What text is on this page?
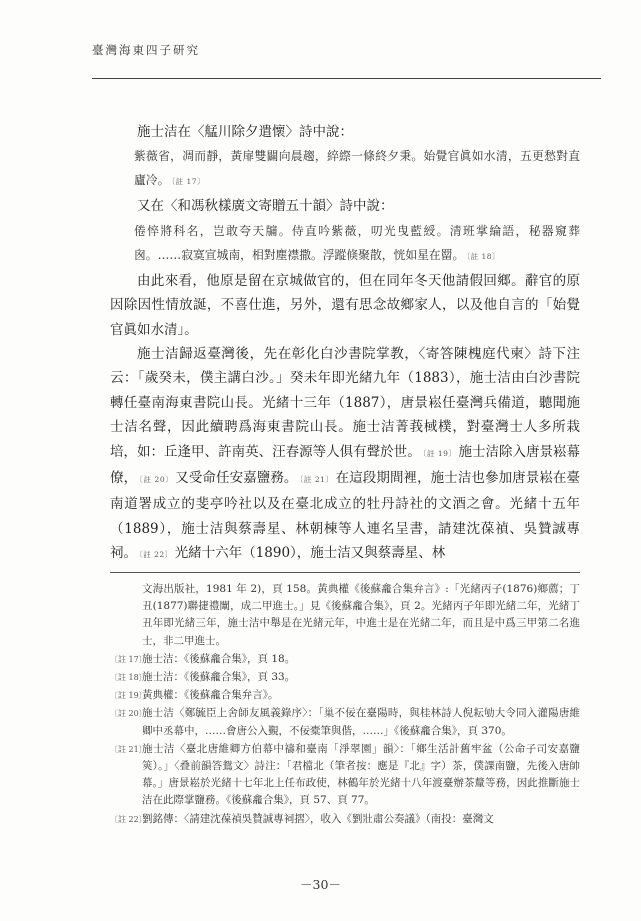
臺灣海東四子研究

施士洁在〈艋川除夕遣懷〉詩中說：

紫薇省，凋而靜，黃扉雙闢向晨趨，綷縩一條終夕秉。始覺官眞如水清，五更愁對直廬冷。 〔註 17〕

又在〈和馮秋樣廣文寄贈五十韻〉詩中說：

倦悴將科名，岂敢夸天牖。侍直吟紫薇，叨光曳藍綬。清班掌綸語，秘器窺葬囪。……寂寞宣城南，相對塵襟撒。浮蹤倏聚散，恍如星在罶。 〔註 18〕

由此來看，他原是留在京城做官的，但在同年冬天他請假回鄉。辭官的原因除因性情放誕，不喜仕進，另外，還有思念故鄉家人，以及他自言的「始覺官眞如水清」。

施士洁歸返臺灣後，先在彰化白沙書院掌教，〈寄答陳槐庭代柬〉詩下注云：「歲癸未，僕主講白沙。」癸未年即光緒九年（1883），施士洁由白沙書院轉任臺南海東書院山長。光緒十三年（1887），唐景崧任臺灣兵備道，聽聞施士洁名聲，因此續聘爲海東書院山長。施士洁菁莪棫樸，對臺灣士人多所栽培，如：丘逢甲、許南英、汪春源等人俱有聲於世。 〔註 19〕 施士洁除入唐景崧幕僚， 〔註 20〕 又受命任安嘉鹽務。 〔註 21〕 在這段期間裡，施士洁也參加唐景崧在臺南道署成立的斐亭吟社以及在臺北成立的牡丹詩社的文酒之會。光緒十五年（1889），施士洁與蔡壽星、林朝棟等人連名呈書，請建沈葆禎、吳贊誠專祠。 〔註 22〕 光緒十六年（1890），施士洁又與蔡壽星、林

文海出版社，1981 年 2)，頁 158。黃典權《後蘇龕合集弁言》:「光緒丙子(1876)鄉薦；丁丑(1877)聯捷禮闈，成二甲進士。」見《後蘇龕合集》，頁 2。光緒丙子年即光緒二年，光緒丁丑年即光緒三年，施士洁中舉是在光緒元年，中進士是在光緒二年，而且是中爲三甲第二名進士，非二甲進士。
〔註 17〕
施士洁：《後蘇龕合集》，頁 18。
〔註 18〕
施士洁：《後蘇龕合集》，頁 33。
〔註 19〕
黃典權：《後蘇龕合集弁言》。
〔註 20〕
施士洁〈鄭毓臣上舍師友風義錄序〉：「巢不佞在臺陽時，與桂林詩人倪耘劬大令同入灌陽唐維卿中丞幕中，……會唐公入覲，不佞橐筆與偕，……」《後蘇龕合集》，頁 370。
〔註 21〕
施士洁〈臺北唐維卿方伯幕中禱和臺南「淨翠園」韻〉：「鄉生活計舊牢盆（公命子司安嘉鹽筴）。」〈叠前韻答鴛文〉詩注：「君檔北（筆者按：應是『北』字）茶，僕課南鹽，先後入唐帥幕。」唐景崧於光緒十七年北上任布政使，林鶴年於光緒十八年渡臺辦茶釐等務，因此推斷施士洁在此際掌鹽務。《後蘇龕合集》，頁 57、頁 77。
〔註 22〕
劉銘傳：〈請建沈葆禎吳贊誠專祠摺〉，收入《劉壯肅公奏議》（南投：臺灣文
－30－
